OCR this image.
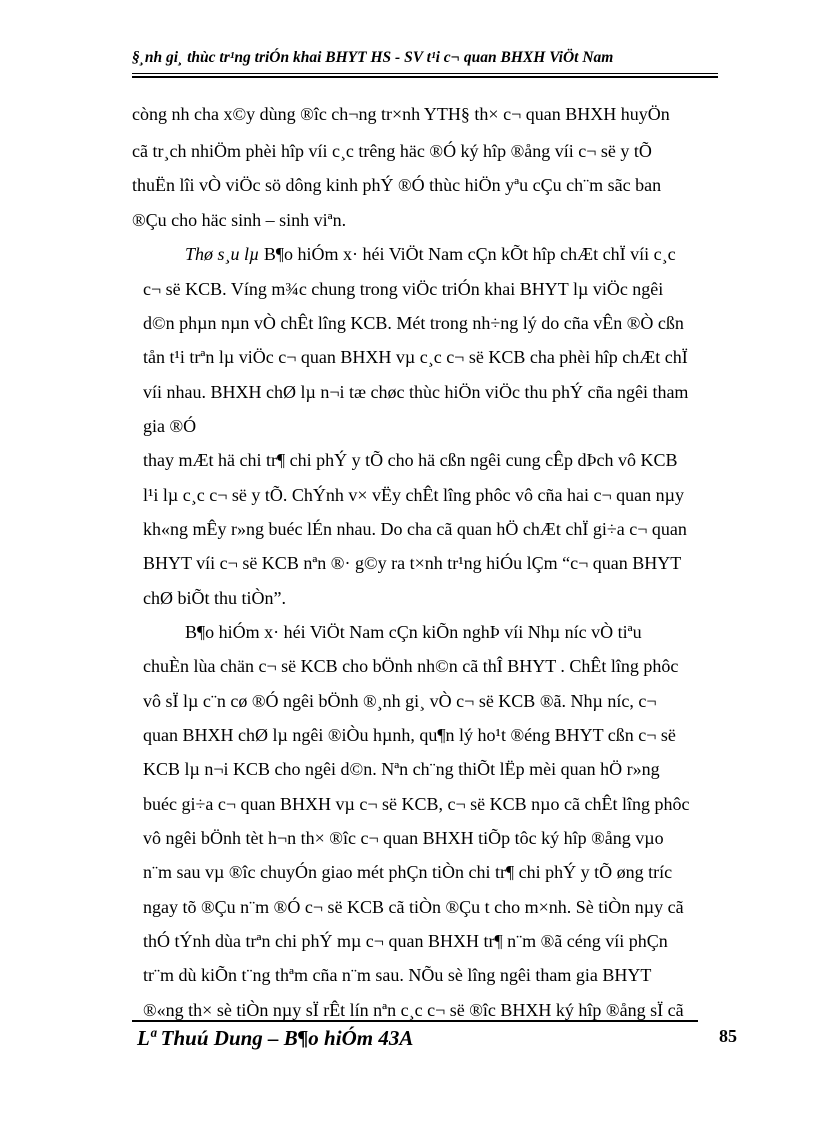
§¸nh gi¸ thùc tr¹ng triÓn khai BHYT HS - SV t¹i c¬ quan BHXH ViÖt Nam
còng nh cha x©y dùng ®îc ch¬ng tr×nh YTH§ th× c¬ quan BHXH huyÖn
cã tr¸ch nhiÖm phèi hîp víi c¸c trêng häc ®Ó ký hîp ®ång víi c¬ së y tÕ
thuËn lîi vÒ viÖc sö dông kinh phÝ ®Ó thùc hiÖn yªu cÇu ch¨m sãc ban
®Çu cho häc sinh – sinh viªn.
Thø s¸u lµ B¶o hiÓm x· héi ViÖt Nam cÇn kÕt hîp chÆt chÏ víi c¸c
c¬ së KCB. Víng m¾c chung trong viÖc triÓn khai BHYT lµ viÖc ngêi
d©n phµn nµn vÒ chÊt lîng KCB. Mét trong nh÷ng lý do cña vÊn ®Ò cßn
tån t¹i trªn lµ viÖc c¬ quan BHXH vµ c¸c c¬ së KCB cha phèi hîp chÆt chÏ
víi nhau. BHXH chØ lµ n¬i tæ chøc thùc hiÖn viÖc thu phÝ cña ngêi tham
gia ®Ó
thay mÆt hä chi tr¶ chi phÝ y tÕ cho hä cßn ngêi cung cÊp dÞch vô KCB
l¹i lµ c¸c c¬ së y tÕ. ChÝnh v× vËy chÊt lîng phôc vô cña hai c¬ quan nµy
kh«ng mÊy r»ng buéc lÉn nhau. Do cha cã quan hÖ chÆt chÏ gi÷a c¬ quan
BHYT víi c¬ së KCB nªn ®· g©y ra t×nh tr¹ng hiÓu lÇm “c¬ quan BHYT
chØ biÕt thu tiÒn”.
B¶o hiÓm x· héi ViÖt Nam cÇn kiÕn nghÞ víi Nhµ níc vÒ tiªu
chuÈn lùa chän c¬ së KCB cho bÖnh nh©n cã thÎ BHYT . ChÊt lîng phôc
vô sÏ lµ c¨n cø ®Ó ngêi bÖnh ®¸nh gi¸ vÒ c¬ së KCB ®ã. Nhµ níc, c¬
quan BHXH chØ lµ ngêi ®iÒu hµnh, qu¶n lý ho¹t ®éng BHYT cßn c¬ së
KCB lµ n¬i KCB cho ngêi d©n. Nªn ch¨ng thiÕt lËp mèi quan hÖ r»ng
buéc gi÷a c¬ quan BHXH vµ c¬ së KCB, c¬ së KCB nµo cã chÊt lîng phôc
vô ngêi bÖnh tèt h¬n th× ®îc c¬ quan BHXH tiÕp tôc ký hîp ®ång vµo
n¨m sau vµ ®îc chuyÓn giao mét phÇn tiÒn chi tr¶ chi phÝ y tÕ øng tríc
ngay tõ ®Çu n¨m ®Ó c¬ së KCB cã tiÒn ®Çu t cho m×nh. Sè tiÒn nµy cã
thÓ tÝnh dùa trªn chi phÝ mµ c¬ quan BHXH tr¶ n¨m ®ã céng víi phÇn
tr¨m dù kiÕn t¨ng thªm cña n¨m sau. NÕu sè lîng ngêi tham gia BHYT
®«ng th× sè tiÒn nµy sÏ rÊt lín nªn c¸c c¬ së ®îc BHXH ký hîp ®ång sÏ cã
Lª Thuú Dung – B¶o hiÓm 43A	85
